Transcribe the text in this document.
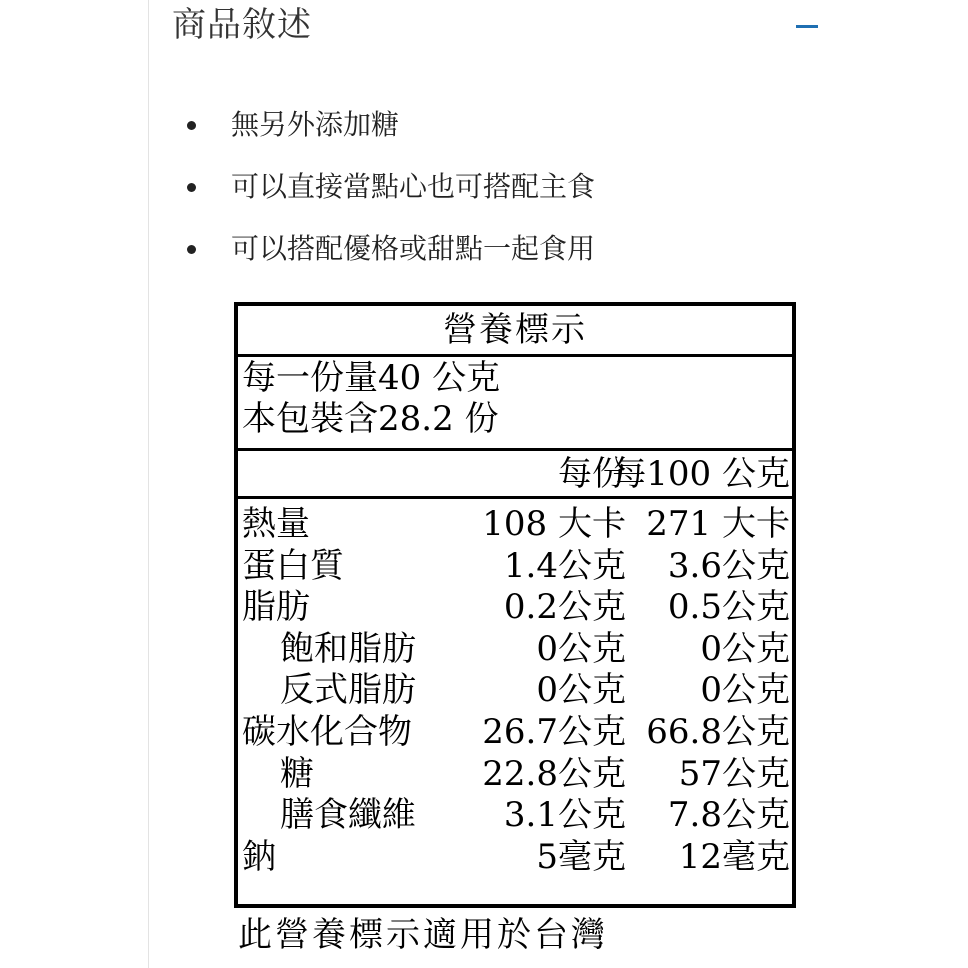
商品敘述
無另外添加糖
可以直接當點心也可搭配主食
可以搭配優格或甜點一起食用
營養標示
每一份量40 公克
本包裝含28.2 份
每份
每100 公克
熱量	108 大卡 271 大卡
蛋白質	1.4公克 3.6公克
脂肪	0.2公克 0.5公克
飽和脂肪	0公克 0公克
反式脂肪	0公克 0公克
碳水化合物 26.7公克 66.8公克
糖	22.8公克 57公克
膳食纖維	3.1公克 7.8公克
鈉	5毫克 12毫克
此營養標示適用於台灣
